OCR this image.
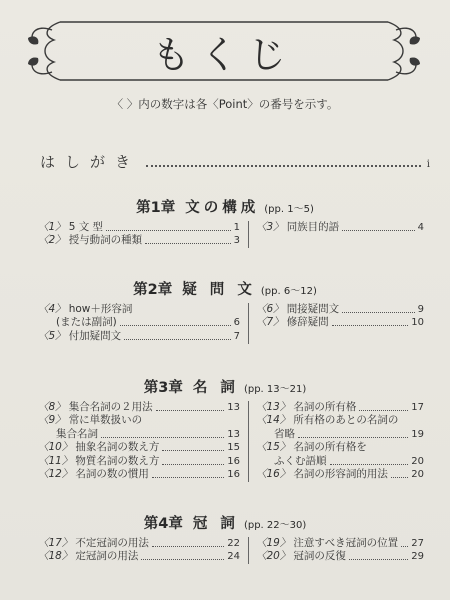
もくじ
〈 〉内の数字は各〈Point〉の番号を示す。
はしがき	i
第1章 文の構成 (pp. 1〜5)
〈1〉 5 文 型	1
〈2〉 授与動詞の種類	3
〈3〉 同族目的語	4
第2章 疑 問 文 (pp. 6〜12)
〈4〉 how＋形容詞
(または副詞)	6
〈5〉 付加疑問文	7
〈6〉 間接疑問文	9
〈7〉 修辞疑問	10
第3章 名 詞 (pp. 13〜21)
〈8〉 集合名詞の２用法	13
〈9〉 常に単数扱いの
集合名詞	13
〈10〉 抽象名詞の数え方	15
〈11〉 物質名詞の数え方	16
〈12〉 名詞の数の慣用	16
〈13〉 名詞の所有格	17
〈14〉 所有格のあとの名詞の
省略	19
〈15〉 名詞の所有格を
ふくむ語順	20
〈16〉 名詞の形容詞的用法 20
第4章 冠 詞 (pp. 22〜30)
〈17〉 不定冠詞の用法	22
〈18〉 定冠詞の用法	24
〈19〉 注意すべき冠詞の位置 27
〈20〉 冠詞の反復	29
